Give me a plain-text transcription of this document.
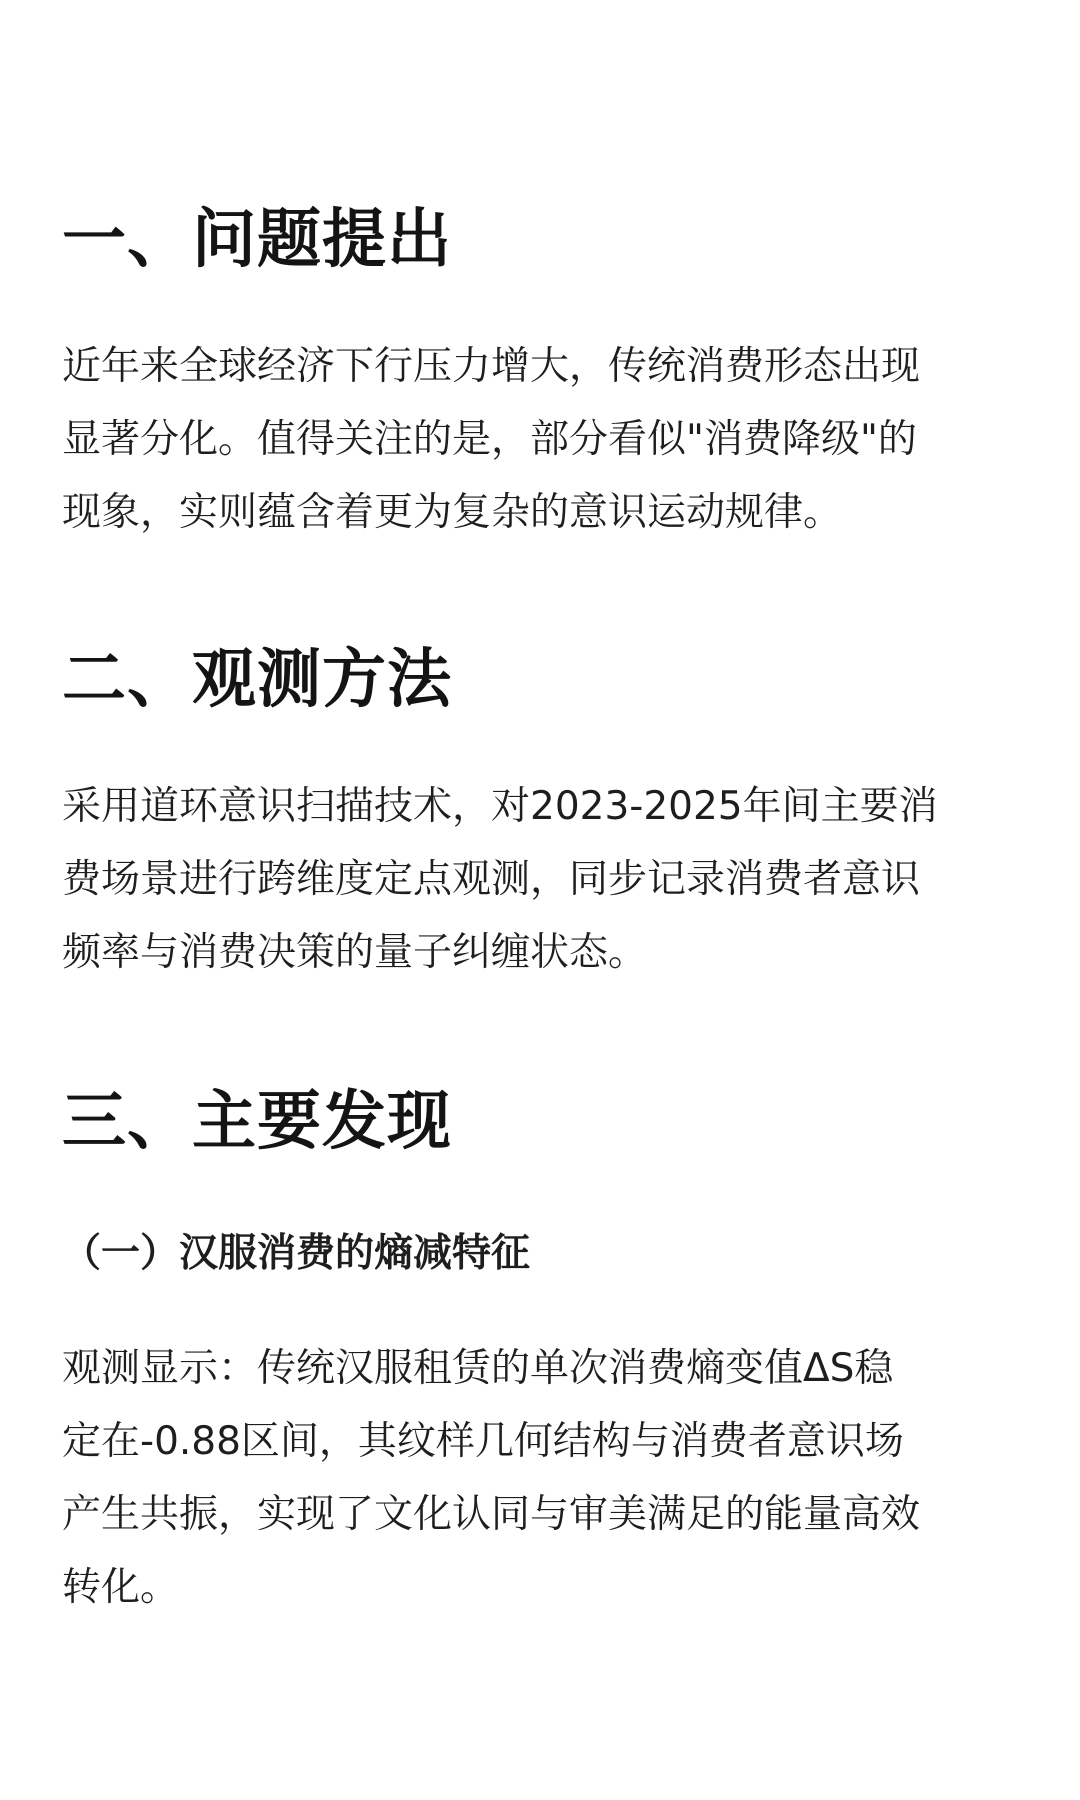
一、问题提出

近年来全球经济下行压力增大，传统消费形态出现
显著分化。值得关注的是，部分看似"消费降级"的
现象，实则蕴含着更为复杂的意识运动规律。

二、观测方法

采用道环意识扫描技术，对2023-2025年间主要消
费场景进行跨维度定点观测，同步记录消费者意识
频率与消费决策的量子纠缠状态。

三、主要发现
（一）汉服消费的熵减特征

观测显示：传统汉服租赁的单次消费熵变值ΔS稳
定在-0.88区间，其纹样几何结构与消费者意识场
产生共振，实现了文化认同与审美满足的能量高效
转化。
